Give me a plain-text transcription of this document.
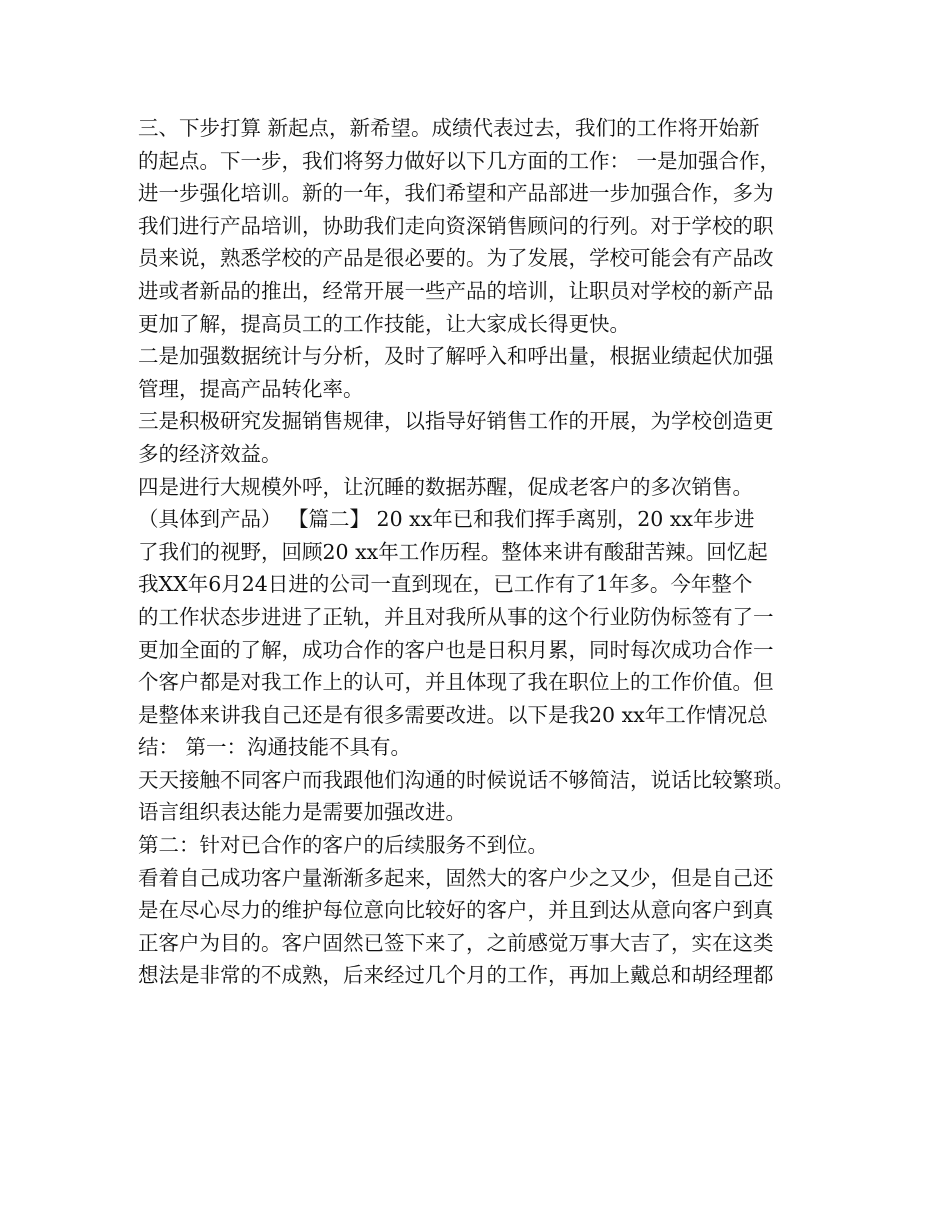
三、下步打算 新起点，新希望。成绩代表过去，我们的工作将开始新
的起点。下一步，我们将努力做好以下几方面的工作： 一是加强合作，
进一步强化培训。新的一年，我们希望和产品部进一步加强合作，多为
我们进行产品培训，协助我们走向资深销售顾问的行列。对于学校的职
员来说，熟悉学校的产品是很必要的。为了发展，学校可能会有产品改
进或者新品的推出，经常开展一些产品的培训，让职员对学校的新产品
更加了解，提高员工的工作技能，让大家成长得更快。
二是加强数据统计与分析，及时了解呼入和呼出量，根据业绩起伏加强
管理，提高产品转化率。
三是积极研究发掘销售规律，以指导好销售工作的开展，为学校创造更
多的经济效益。
四是进行大规模外呼，让沉睡的数据苏醒，促成老客户的多次销售。
（具体到产品） 【篇二】 20 xx年已和我们挥手离别，20 xx年步进
了我们的视野，回顾20 xx年工作历程。整体来讲有酸甜苦辣。回忆起
我XX年6月24日进的公司一直到现在，已工作有了1年多。今年整个
的工作状态步进进了正轨，并且对我所从事的这个行业防伪标签有了一
更加全面的了解，成功合作的客户也是日积月累，同时每次成功合作一
个客户都是对我工作上的认可，并且体现了我在职位上的工作价值。但
是整体来讲我自己还是有很多需要改进。以下是我20 xx年工作情况总
结： 第一：沟通技能不具有。
天天接触不同客户而我跟他们沟通的时候说话不够简洁，说话比较繁琐。
语言组织表达能力是需要加强改进。
第二：针对已合作的客户的后续服务不到位。
看着自己成功客户量渐渐多起来，固然大的客户少之又少，但是自己还
是在尽心尽力的维护每位意向比较好的客户，并且到达从意向客户到真
正客户为目的。客户固然已签下来了，之前感觉万事大吉了，实在这类
想法是非常的不成熟，后来经过几个月的工作，再加上戴总和胡经理都
